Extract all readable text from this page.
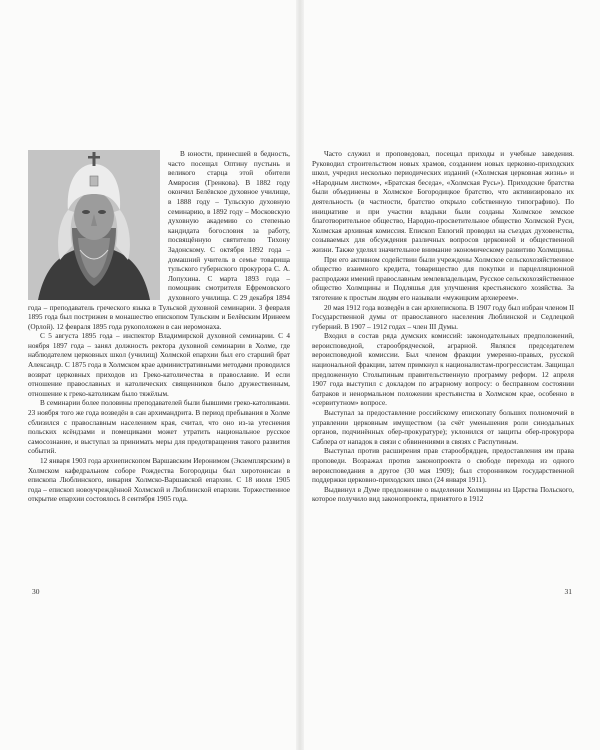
В юности, принесшей в бедность, часто посещал Оптину пустынь и великого старца этой обители Амвросия (Гренкова). В 1882 году окончил Белёвское духовное училище, в 1888 году – Тульскую духовную семинарию, в 1892 году – Московскую духовную академию со степенью кандидата богословия за работу, посвящённую святителю Тихону Задонскому. С октября 1892 года – домашний учитель в семье товарища тульского губернского прокурора С. А. Лопухина. С марта 1893 года – помощник смотрителя Ефремовского духовного училища. С 29 декабря 1894 года – преподаватель греческого языка в Тульской духовной семинарии. 3 февраля 1895 года был пострижен в монашество епископом Тульским и Белёвским Иринеем (Орлой). 12 февраля 1895 года рукоположен в сан иеромонаха.

С 5 августа 1895 года – инспектор Владимирской духовной семинарии. С 4 ноября 1897 года – занял должность ректора духовной семинарии в Холме, где наблюдателем церковных школ (училищ) Холмской епархии был его старший брат Александр. С 1875 года в Холмском крае административными методами проводился возврат церковных приходов из Греко-католичества в православие. И если отношение православных и католических священников было дружественным, отношение к греко-католикам было тяжёлым.

В семинарии более половины преподавателей были бывшими греко-католиками. 23 ноября того же года возведён в сан архимандрита. В период пребывания в Холме сблизился с православным населением края, считал, что оно из-за утеснения польских ксёндзами и помещиками может утратить национальное русское самосознание, и выступал за принимать меры для предотвращения такого развития событий.

12 января 1903 года архиепископом Варшавским Иеронимом (Экземплярским) в Холмском кафедральном соборе Рождества Богородицы был хиротонисан в епископа Люблинского, викария Холмско-Варшавской епархии. С 18 июля 1905 года – епископ новоучреждённой Холмской и Люблинской епархии. Торжественное открытие епархии состоялось 8 сентября 1905 года.

30

Часто служил и проповедовал, посещал приходы и учебные заведения. Руководил строительством новых храмов, созданием новых церковно-приходских школ, учредил несколько периодических изданий («Холмская церковная жизнь» и «Народным листком», «Братская беседа», «Холмская Русь»). Приходские братства были объединены в Холмское Богородицкое братство, что активизировало их деятельность (в частности, братство открыло собственную типографию). По инициативе и при участии владыки были созданы Холмское земское благотворительное общество, Народно-просветительное общество Холмской Руси, Холмская архивная комиссия. Епископ Евлогий проводил на съездах духовенства, созываемых для обсуждения различных вопросов церковной и общественной жизни. Также уделял значительное внимание экономическому развитию Холмщины.

При его активном содействии были учреждены Холмское сельскохозяйственное общество взаимного кредита, товарищество для покупки и парцелляционной распродажи имений православным землевладельцам, Русское сельскохозяйственное общество Холмщины и Подляшья для улучшения крестьянского хозяйства. За тяготение к простым людям его называли «мужицким архиереем».

20 мая 1912 года возведён в сан архиепископа. В 1907 году был избран членом II Государственной думы от православного населения Люблинской и Седлецкой губерний. В 1907 – 1912 годах – член III Думы.

Входил в состав ряда думских комиссий: законодательных предположений, вероисповедной, старообрядческой, аграрной. Являлся председателем вероисповедной комиссии. Был членом фракции умеренно-правых, русской национальной фракции, затем примкнул к националистам-прогрессистам. Защищал предложенную Столыпиным правительственную программу реформ. 12 апреля 1907 года выступил с докладом по аграрному вопросу: о бесправном состоянии батраков и ненормальном положении крестьянства в Холмском крае, особенно в «сервитутном» вопросе.

Выступал за предоставление российскому епископату больших полномочий в управлении церковным имуществом (за счёт уменьшения роли синодальных органов, подчинённых обер-прокуратуре); уклонился от защиты обер-прокурора Саблера от нападок в связи с обвинениями в связях с Распутиным.

Выступал против расширения прав старообрядцев, предоставления им права проповеди. Возражал против законопроекта о свободе перехода из одного вероисповедания в другое (30 мая 1909); был сторонником государственной поддержки церковно-приходских школ (24 января 1911).

Выдвинул в Думе предложение о выделении Холмщины из Царства Польского, которое получило вид законопроекта, принятого в 1912

31
